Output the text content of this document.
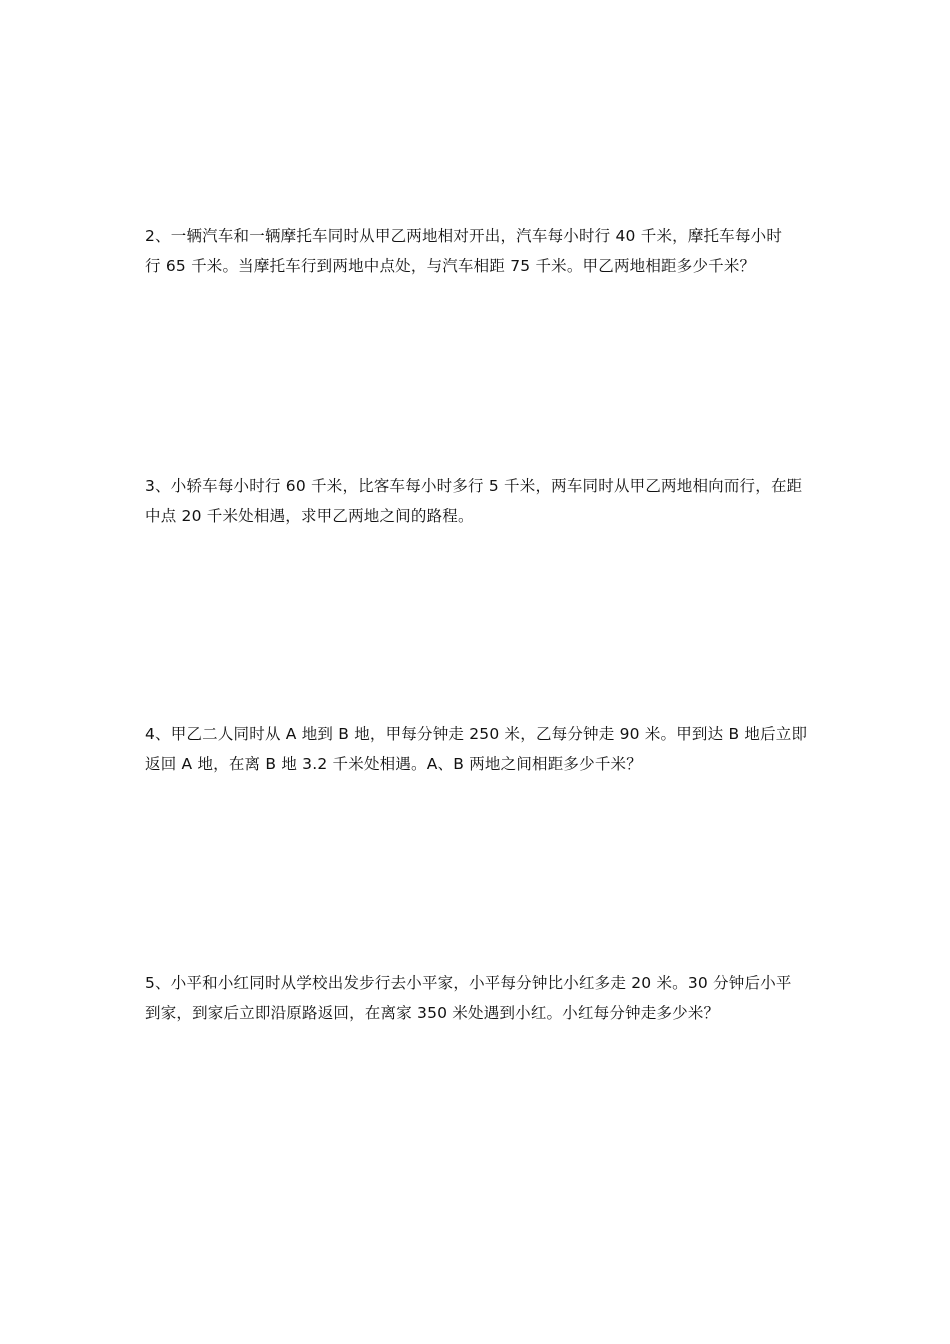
2、一辆汽车和一辆摩托车同时从甲乙两地相对开出，汽车每小时行 40 千米，摩托车每小时
行 65 千米。当摩托车行到两地中点处，与汽车相距 75 千米。甲乙两地相距多少千米？
3、小轿车每小时行 60 千米，比客车每小时多行 5 千米，两车同时从甲乙两地相向而行，在距
中点 20 千米处相遇，求甲乙两地之间的路程。
4、甲乙二人同时从 A 地到 B 地，甲每分钟走 250 米，乙每分钟走 90 米。甲到达 B 地后立即
返回 A 地，在离 B 地 3.2 千米处相遇。A、B 两地之间相距多少千米？
5、小平和小红同时从学校出发步行去小平家，小平每分钟比小红多走 20 米。30 分钟后小平
到家，到家后立即沿原路返回，在离家 350 米处遇到小红。小红每分钟走多少米？
